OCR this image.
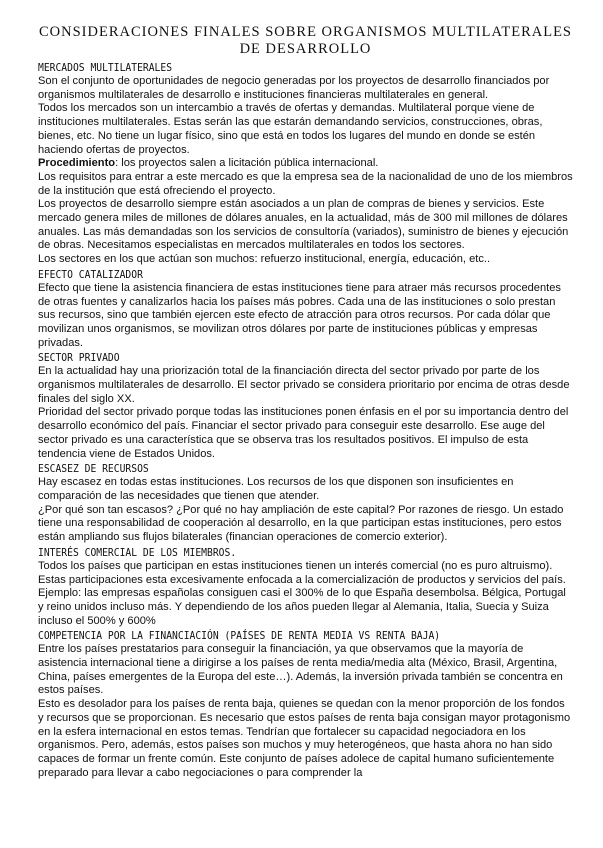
CONSIDERACIONES FINALES SOBRE ORGANISMOS MULTILATERALES DE DESARROLLO
MERCADOS MULTILATERALES

Son el conjunto de oportunidades de negocio generadas por los proyectos de desarrollo financiados por organismos multilaterales de desarrollo e instituciones financieras multilaterales en general.

Todos los mercados son un intercambio a través de ofertas y demandas. Multilateral porque viene de instituciones multilaterales. Estas serán las que estarán demandando servicios, construcciones, obras, bienes, etc. No tiene un lugar físico, sino que está en todos los lugares del mundo en donde se estén haciendo ofertas de proyectos.

Procedimiento: los proyectos salen a licitación pública internacional.

Los requisitos para entrar a este mercado es que la empresa sea de la nacionalidad de uno de los miembros de la institución que está ofreciendo el proyecto.

Los proyectos de desarrollo siempre están asociados a un plan de compras de bienes y servicios. Este mercado genera miles de millones de dólares anuales, en la actualidad, más de 300 mil millones de dólares anuales. Las más demandadas son los servicios de consultoría (variados), suministro de bienes y ejecución de obras. Necesitamos especialistas en mercados multilaterales en todos los sectores.

Los sectores en los que actúan son muchos: refuerzo institucional, energía, educación, etc..

EFECTO CATALIZADOR

Efecto que tiene la asistencia financiera de estas instituciones tiene para atraer más recursos procedentes de otras fuentes y canalizarlos hacia los países más pobres. Cada una de las instituciones o solo prestan sus recursos, sino que también ejercen este efecto de atracción para otros recursos. Por cada dólar que movilizan unos organismos, se movilizan otros dólares por parte de instituciones públicas y empresas privadas.

SECTOR PRIVADO

En la actualidad hay una priorización total de la financiación directa del sector privado por parte de los organismos multilaterales de desarrollo. El sector privado se considera prioritario por encima de otras desde finales del siglo XX.

Prioridad del sector privado porque todas las instituciones ponen énfasis en el por su importancia dentro del desarrollo económico del país. Financiar el sector privado para conseguir este desarrollo. Ese auge del sector privado es una característica que se observa tras los resultados positivos. El impulso de esta tendencia viene de Estados Unidos.

ESCASEZ DE RECURSOS

Hay escasez en todas estas instituciones. Los recursos de los que disponen son insuficientes en comparación de las necesidades que tienen que atender.

¿Por qué son tan escasos? ¿Por qué no hay ampliación de este capital? Por razones de riesgo. Un estado tiene una responsabilidad de cooperación al desarrollo, en la que participan estas instituciones, pero estos están ampliando sus flujos bilaterales (financian operaciones de comercio exterior).

INTERÉS COMERCIAL DE LOS MIEMBROS.

Todos los países que participan en estas instituciones tienen un interés comercial (no es puro altruismo). Estas participaciones esta excesivamente enfocada a la comercialización de productos y servicios del país. Ejemplo: las empresas españolas consiguen casi el 300% de lo que España desembolsa. Bélgica, Portugal y reino unidos incluso más. Y dependiendo de los años pueden llegar al Alemania, Italia, Suecia y Suiza incluso el 500% y 600%

COMPETENCIA POR LA FINANCIACIÓN (PAÍSES DE RENTA MEDIA VS RENTA BAJA)

Entre los países prestatarios para conseguir la financiación, ya que observamos que la mayoría de asistencia internacional tiene a dirigirse a los países de renta media/media alta (México, Brasil, Argentina, China, países emergentes de la Europa del este…). Además, la inversión privada también se concentra en estos países.

Esto es desolador para los países de renta baja, quienes se quedan con la menor proporción de los fondos y recursos que se proporcionan. Es necesario que estos países de renta baja consigan mayor protagonismo en la esfera internacional en estos temas. Tendrían que fortalecer su capacidad negociadora en los organismos. Pero, además, estos países son muchos y muy heterogéneos, que hasta ahora no han sido capaces de formar un frente común. Este conjunto de países adolece de capital humano suficientemente preparado para llevar a cabo negociaciones o para comprender la
